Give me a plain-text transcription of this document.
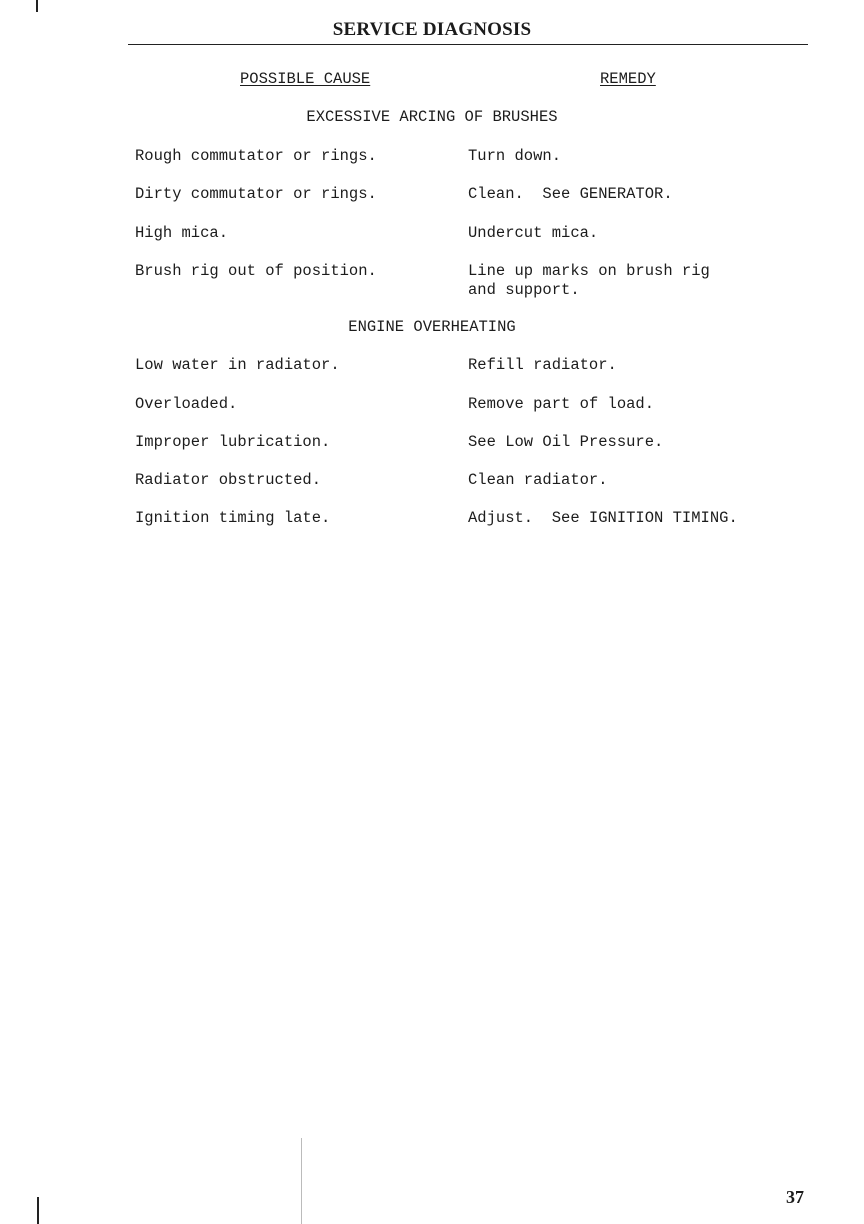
SERVICE DIAGNOSIS
POSSIBLE CAUSE	REMEDY
EXCESSIVE ARCING OF BRUSHES
Rough commutator or rings.	Turn down.
Dirty commutator or rings.	Clean.  See GENERATOR.
High mica.	Undercut mica.
Brush rig out of position.	Line up marks on brush rig
and support.
ENGINE OVERHEATING
Low water in radiator.	Refill radiator.
Overloaded.	Remove part of load.
Improper lubrication.	See Low Oil Pressure.
Radiator obstructed.	Clean radiator.
Ignition timing late.	Adjust.  See IGNITION TIMING.
37
